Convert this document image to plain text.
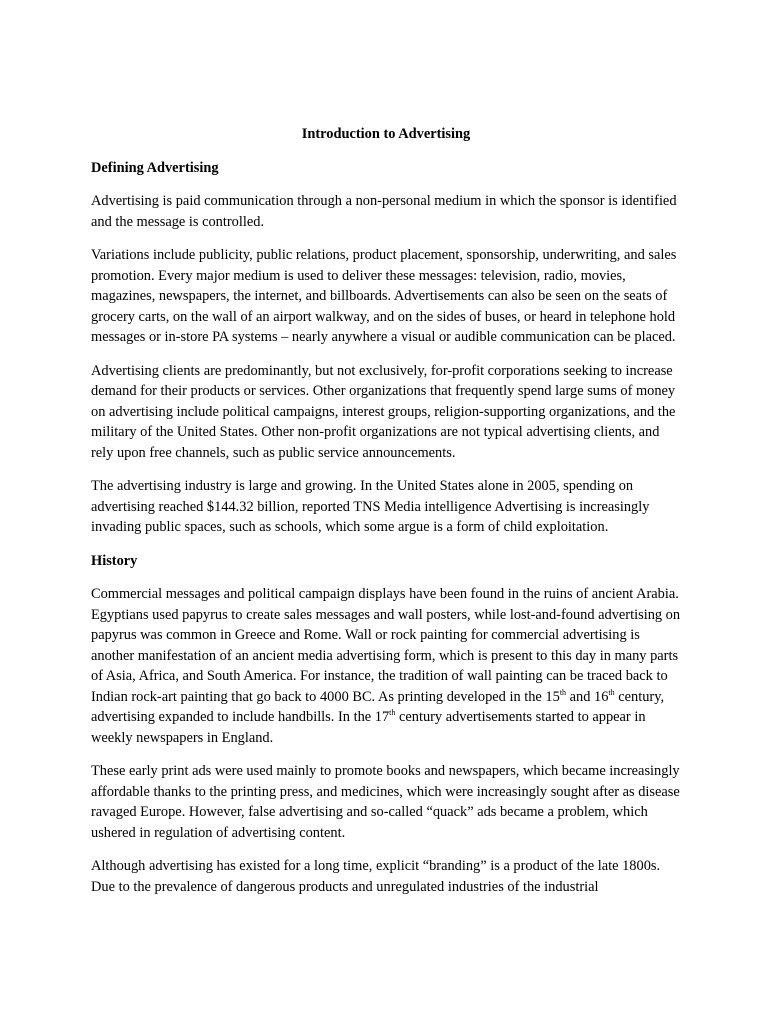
Introduction to Advertising
Defining Advertising

Advertising is paid communication through a non-personal medium in which the sponsor is identified and the message is controlled.

Variations include publicity, public relations, product placement, sponsorship, underwriting, and sales promotion. Every major medium is used to deliver these messages: television, radio, movies, magazines, newspapers, the internet, and billboards. Advertisements can also be seen on the seats of grocery carts, on the wall of an airport walkway, and on the sides of buses, or heard in telephone hold messages or in-store PA systems – nearly anywhere a visual or audible communication can be placed.

Advertising clients are predominantly, but not exclusively, for-profit corporations seeking to increase demand for their products or services. Other organizations that frequently spend large sums of money on advertising include political campaigns, interest groups, religion-supporting organizations, and the military of the United States. Other non-profit organizations are not typical advertising clients, and rely upon free channels, such as public service announcements.

The advertising industry is large and growing. In the United States alone in 2005, spending on advertising reached $144.32 billion, reported TNS Media intelligence Advertising is increasingly invading public spaces, such as schools, which some argue is a form of child exploitation.

History

Commercial messages and political campaign displays have been found in the ruins of ancient Arabia. Egyptians used papyrus to create sales messages and wall posters, while lost-and-found advertising on papyrus was common in Greece and Rome. Wall or rock painting for commercial advertising is another manifestation of an ancient media advertising form, which is present to this day in many parts of Asia, Africa, and South America. For instance, the tradition of wall painting can be traced back to Indian rock-art painting that go back to 4000 BC. As printing developed in the 15th and 16th century, advertising expanded to include handbills. In the 17th century advertisements started to appear in weekly newspapers in England.

These early print ads were used mainly to promote books and newspapers, which became increasingly affordable thanks to the printing press, and medicines, which were increasingly sought after as disease ravaged Europe. However, false advertising and so-called “quack” ads became a problem, which ushered in regulation of advertising content.

Although advertising has existed for a long time, explicit “branding” is a product of the late 1800s. Due to the prevalence of dangerous products and unregulated industries of the industrial
